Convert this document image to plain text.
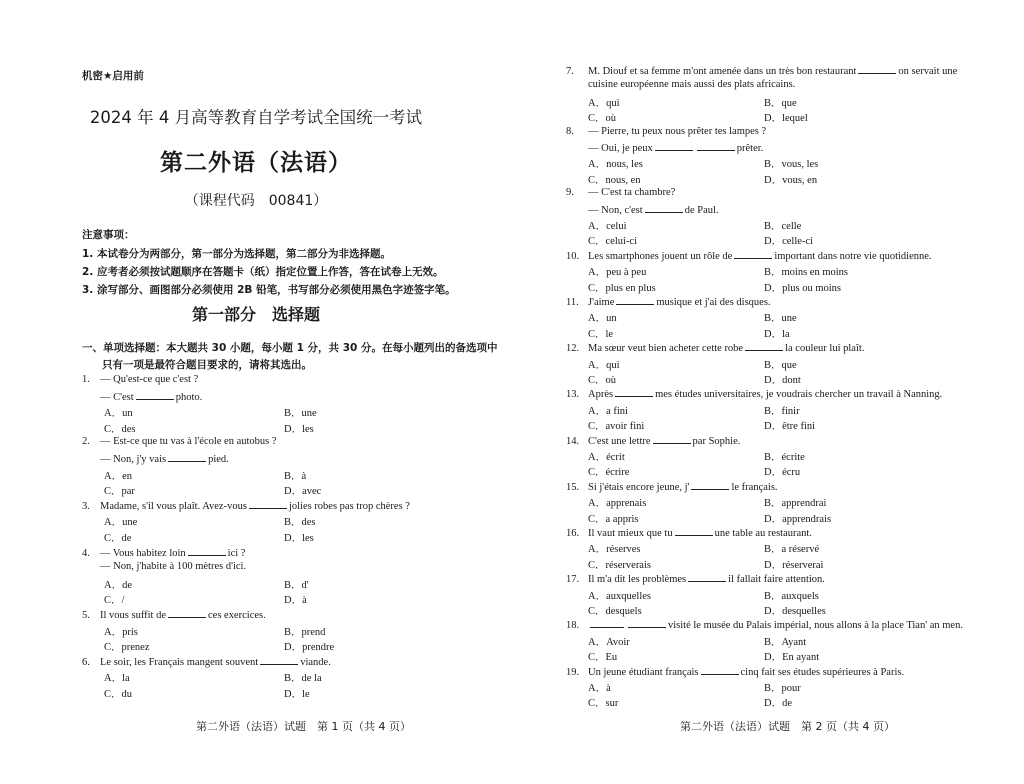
机密★启用前
2024 年 4 月高等教育自学考试全国统一考试
第二外语（法语）
（课程代码　00841）
注意事项：
1. 本试卷分为两部分，第一部分为选择题，第二部分为非选择题。
2. 应考者必须按试题顺序在答题卡（纸）指定位置上作答，答在试卷上无效。
3. 涂写部分、画图部分必须使用 2B 铅笔，书写部分必须使用黑色字迹签字笔。
第一部分　选择题
一、单项选择题：本大题共 30 小题，每小题 1 分，共 30 分。在每小题列出的备选项中
只有一项是最符合题目要求的，请将其选出。
1. — Qu'est-ce que c'est ?
— C'est	photo.
A．un	B．une
C．des	D．les
2. — Est-ce que tu vas à l'école en autobus ?
— Non, j'y vais	pied.
A．en	B．à
C．par	D．avec
3. Madame, s'il vous plaît. Avez-vous	jolies robes pas trop chères ?
A．une	B．des
C．de	D．les
4. — Vous habitez loin	ici ?
— Non, j'habite à 100 mètres d'ici.
A．de	B．d'
C．/	D．à
5. Il vous suffit de	ces exercices.
A．pris	B．prend
C．prenez	D．prendre
6. Le soir, les Français mangent souvent	viande.
A．la	B．de la
C．du	D．le
第二外语（法语）试题　第 1 页（共 4 页）
7. M. Diouf et sa femme m'ont amenée dans un très bon restaurant	on servait une
cuisine européenne mais aussi des plats africains.
A．qui	B．que
C．où	D．lequel
8. — Pierre, tu peux nous prêter tes lampes ?
— Oui, je peux	prêter.
A．nous, les	B．vous, les
C．nous, en	D．vous, en
9. — C'est ta chambre?
— Non, c'est	de Paul.
A．celui	B．celle
C．celui-ci	D．celle-ci
10. Les smartphones jouent un rôle de	important dans notre vie quotidienne.
A．peu à peu	B．moins en moins
C．plus en plus	D．plus ou moins
11. J'aime	musique et j'ai des disques.
A．un	B．une
C．le	D．la
12. Ma sœur veut bien acheter cette robe	la couleur lui plaît.
A．qui	B．que
C．où	D．dont
13. Après	mes études universitaires, je voudrais chercher un travail à Nanning.
A．a fini	B．finir
C．avoir fini	D．être fini
14. C'est une lettre	par Sophie.
A．écrit	B．écrite
C．écrire	D．écru
15. Si j'étais encore jeune, j'	le français.
A．apprenais	B．apprendrai
C．a appris	D．apprendrais
16. Il vaut mieux que tu	une table au restaurant.
A．réserves	B．a réservé
C．réserverais	D．réserverai
17. Il m'a dit les problèmes	il fallait faire attention.
A．auxquelles	B．auxquels
C．desquels	D．desquelles
18.	visité le musée du Palais impérial, nous allons à la place Tian' an men.
A．Avoir	B．Ayant
C．Eu	D．En ayant
19. Un jeune étudiant français	cinq fait ses études supérieures à Paris.
A．à	B．pour
C．sur	D．de
第二外语（法语）试题　第 2 页（共 4 页）
